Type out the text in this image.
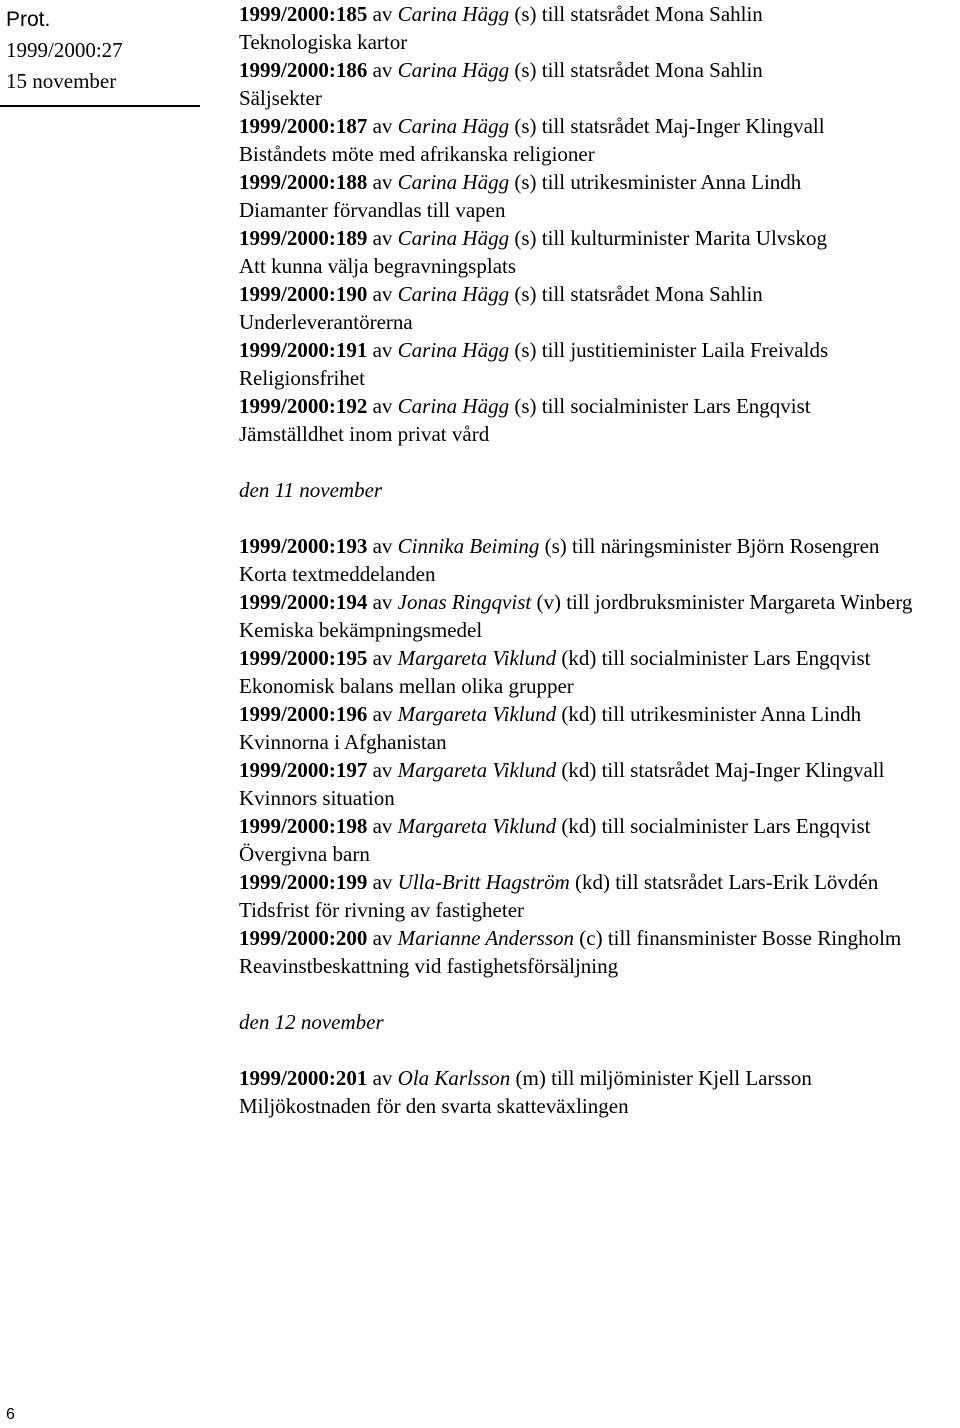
Prot.
1999/2000:27
15 november
1999/2000:185 av Carina Hägg (s) till statsrådet Mona Sahlin
Teknologiska kartor
1999/2000:186 av Carina Hägg (s) till statsrådet Mona Sahlin
Säljsekter
1999/2000:187 av Carina Hägg (s) till statsrådet Maj-Inger Klingvall
Biståndets möte med afrikanska religioner
1999/2000:188 av Carina Hägg (s) till utrikesminister Anna Lindh
Diamanter förvandlas till vapen
1999/2000:189 av Carina Hägg (s) till kulturminister Marita Ulvskog
Att kunna välja begravningsplats
1999/2000:190 av Carina Hägg (s) till statsrådet Mona Sahlin
Underleverantörerna
1999/2000:191 av Carina Hägg (s) till justitieminister Laila Freivalds
Religionsfrihet
1999/2000:192 av Carina Hägg (s) till socialminister Lars Engqvist
Jämställdhet inom privat vård
den 11 november
1999/2000:193 av Cinnika Beiming (s) till näringsminister Björn Rosengren
Korta textmeddelanden
1999/2000:194 av Jonas Ringqvist (v) till jordbruksminister Margareta Winberg
Kemiska bekämpningsmedel
1999/2000:195 av Margareta Viklund (kd) till socialminister Lars Engqvist
Ekonomisk balans mellan olika grupper
1999/2000:196 av Margareta Viklund (kd) till utrikesminister Anna Lindh
Kvinnorna i Afghanistan
1999/2000:197 av Margareta Viklund (kd) till statsrådet Maj-Inger Klingvall
Kvinnors situation
1999/2000:198 av Margareta Viklund (kd) till socialminister Lars Engqvist
Övergivna barn
1999/2000:199 av Ulla-Britt Hagström (kd) till statsrådet Lars-Erik Lövdén
Tidsfrist för rivning av fastigheter
1999/2000:200 av Marianne Andersson (c) till finansminister Bosse Ringholm
Reavinstbeskattning vid fastighetsförsäljning
den 12 november
1999/2000:201 av Ola Karlsson (m) till miljöminister Kjell Larsson
Miljökostnaden för den svarta skatteväxlingen
6
